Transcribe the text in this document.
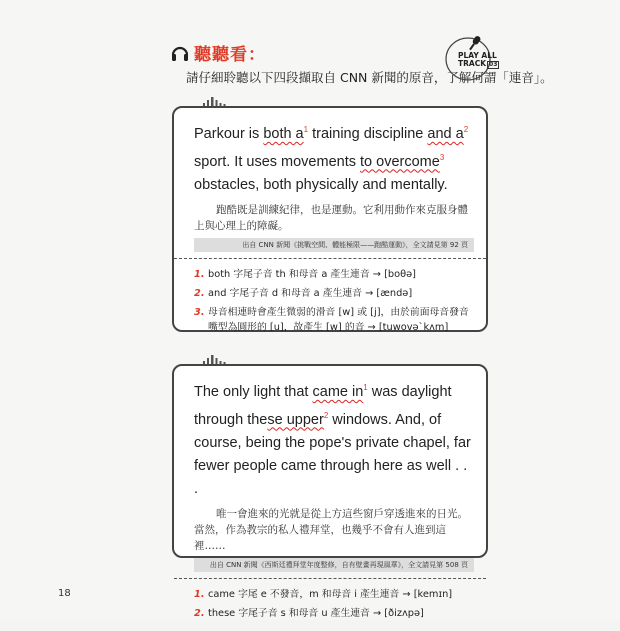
聽聽看：
請仔細聆聽以下四段擷取自 CNN 新聞的原音，了解何謂「連音」。
PLAY ALL
TRACK 03

Parkour is both $a^1$ training discipline and $a^2$ sport. It uses movements to overcome$^3$ obstacles, both physically and mentally.

跑酷既是訓練紀律，也是運動。它利用動作來克服身體上與心理上的障礙。
出自 CNN 新聞《挑戰空間、體能極限——跑酷運動》，全文請見第 92 頁
1. both 字尾子音 th 和母音 a 產生連音 → [boθə]
2. and 字尾子音 d 和母音 a 產生連音 → [ændə]
3. 母音相連時會產生微弱的滑音 [w] 或 [j]，由於前面母音發音嘴型為圓形的 [u]，故產生 [w] 的音 → [tuwovəˋkʌm]

The only light that came $in^1$ was daylight through these upper$^2$ windows. And, of course, being the pope's private chapel, far fewer people came through here as well . . .

唯一會進來的光就是從上方這些窗戶穿透進來的日光。當然，作為教宗的私人禮拜堂，也幾乎不會有人進到這裡……
出自 CNN 新聞《西斯廷禮拜堂年度整修，自有壁畫再現風華》，全文請見第 508 頁
1. came 字尾 e 不發音，m 和母音 i 產生連音 → [kemɪn]
2. these 字尾子音 s 和母音 u 產生連音 → [ðizʌpə]
18
